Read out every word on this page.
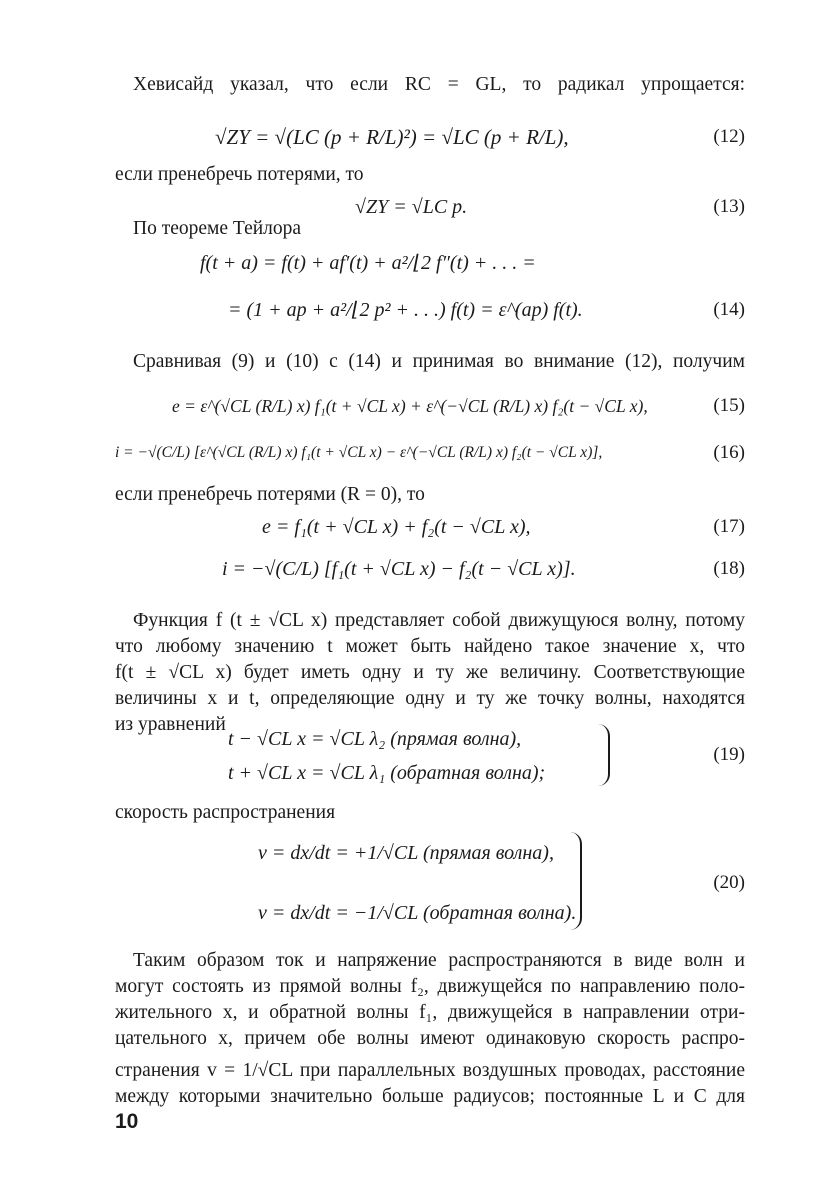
Хевисайд указал, что если RC = GL, то радикал упрощается:
√ZY = √(LC (p + R/L)²) = √LC (p + R/L),	(12)
если пренебречь потерями, то
√ZY = √LC p.	(13)
По теореме Тейлора
f(t + a) = f(t) + af′(t) + a²/⌊2 f″(t) + . . . =
= (1 + ap + a²/⌊2 p² + . . .) f(t) = ε^(ap) f(t).	(14)
Сравнивая (9) и (10) с (14) и принимая во внимание (12), получим
e = ε^(√CL (R/L) x) f₁(t + √CL x) + ε^(−√CL (R/L) x) f₂(t − √CL x),	(15)
i = −√(C/L) [ε^(√CL (R/L) x) f₁(t + √CL x) − ε^(−√CL (R/L) x) f₂(t − √CL x)],	(16)
если пренебречь потерями (R = 0), то
e = f₁(t + √CL x) + f₂(t − √CL x),	(17)
i = −√(C/L) [f₁(t + √CL x) − f₂(t − √CL x)].	(18)
Функция f (t ± √CL x) представляет собой движущуюся волну, потому
что любому значению t может быть найдено такое значение x, что
f(t ± √CL x) будет иметь одну и ту же величину. Соответствующие
величины x и t, определяющие одну и ту же точку волны, находятся
из уравнений
t − √CL x = √CL λ₂ (прямая волна),
t + √CL x = √CL λ₁ (обратная волна);
(19)
скорость распространения
v = dx/dt = +1/√CL (прямая волна),
v = dx/dt = −1/√CL (обратная волна).
(20)
Таким образом ток и напряжение распространяются в виде волн и
могут состоять из прямой волны f₂, движущейся по направлению поло-
жительного x, и обратной волны f₁, движущейся в направлении отри-
цательного x, причем обе волны имеют одинаковую скорость распро-
странения v = 1/√CL при параллельных воздушных проводах, расстояние
между которыми значительно больше радиусов; постоянные L и C для
10
